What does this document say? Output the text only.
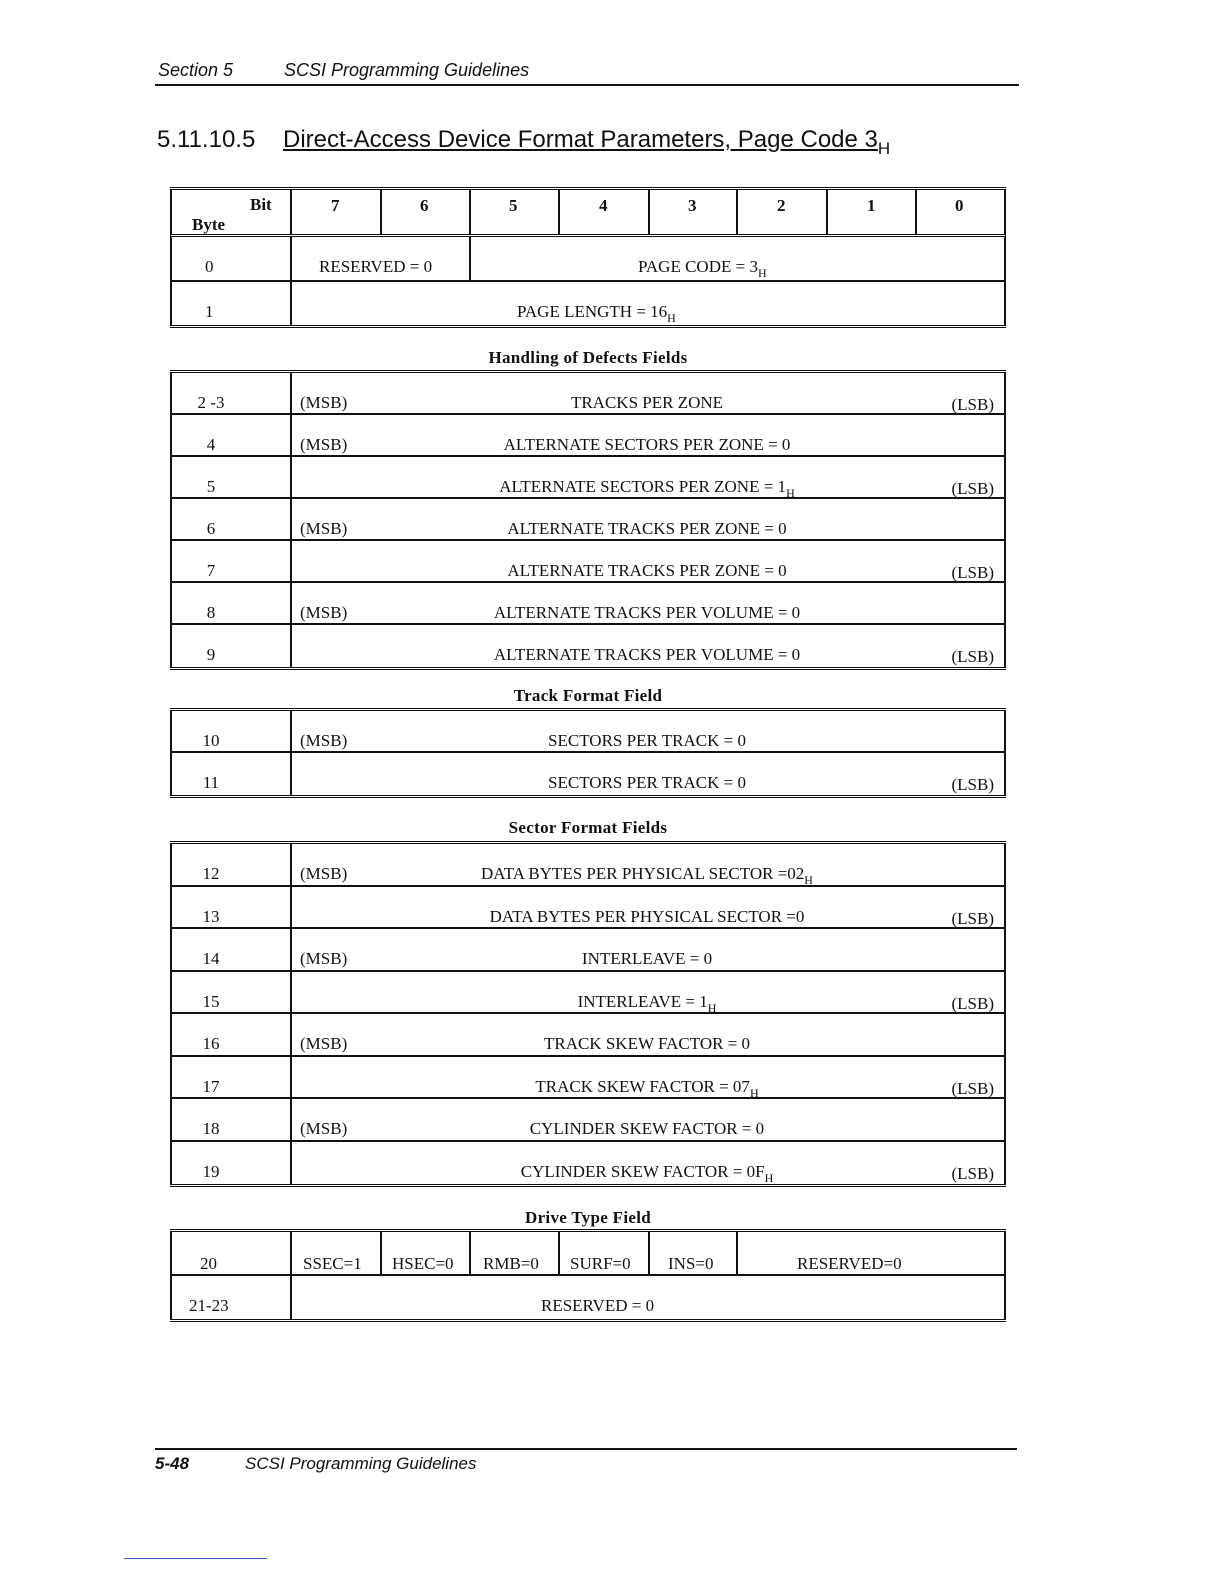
Section 5	SCSI Programming Guidelines
5.11.10.5 Direct-Access Device Format Parameters, Page Code $3_H$
Bit
Byte
7	6	5	4	3	2	1	0
0	RESERVED = 0	PAGE CODE = $3_H$
1	PAGE LENGTH = $16_H$
Handling of Defects Fields
2 -3	(MSB)	TRACKS PER ZONE	(LSB)
4	(MSB)	ALTERNATE SECTORS PER ZONE = 0
5	ALTERNATE SECTORS PER ZONE = $1_H$	(LSB)
6	(MSB)	ALTERNATE TRACKS PER ZONE = 0
7	ALTERNATE TRACKS PER ZONE = 0	(LSB)
8	(MSB)	ALTERNATE TRACKS PER VOLUME = 0
9	ALTERNATE TRACKS PER VOLUME = 0	(LSB)
Track Format Field
10	(MSB)	SECTORS PER TRACK = 0
11	SECTORS PER TRACK = 0	(LSB)
Sector Format Fields
12	(MSB)	DATA BYTES PER PHYSICAL SECTOR $=02_H$
13	DATA BYTES PER PHYSICAL SECTOR =0	(LSB)
14	(MSB)	INTERLEAVE = 0
15	INTERLEAVE = $1_H$	(LSB)
16	(MSB)	TRACK SKEW FACTOR = 0
17	TRACK SKEW FACTOR = $07_H$	(LSB)
18	(MSB)	CYLINDER SKEW FACTOR = 0
19	CYLINDER SKEW FACTOR = $0F_H$	(LSB)
Drive Type Field
20	SSEC=1 HSEC=0 RMB=0 SURF=0 INS=0	RESERVED=0
21-23	RESERVED = 0
5-48	SCSI Programming Guidelines
